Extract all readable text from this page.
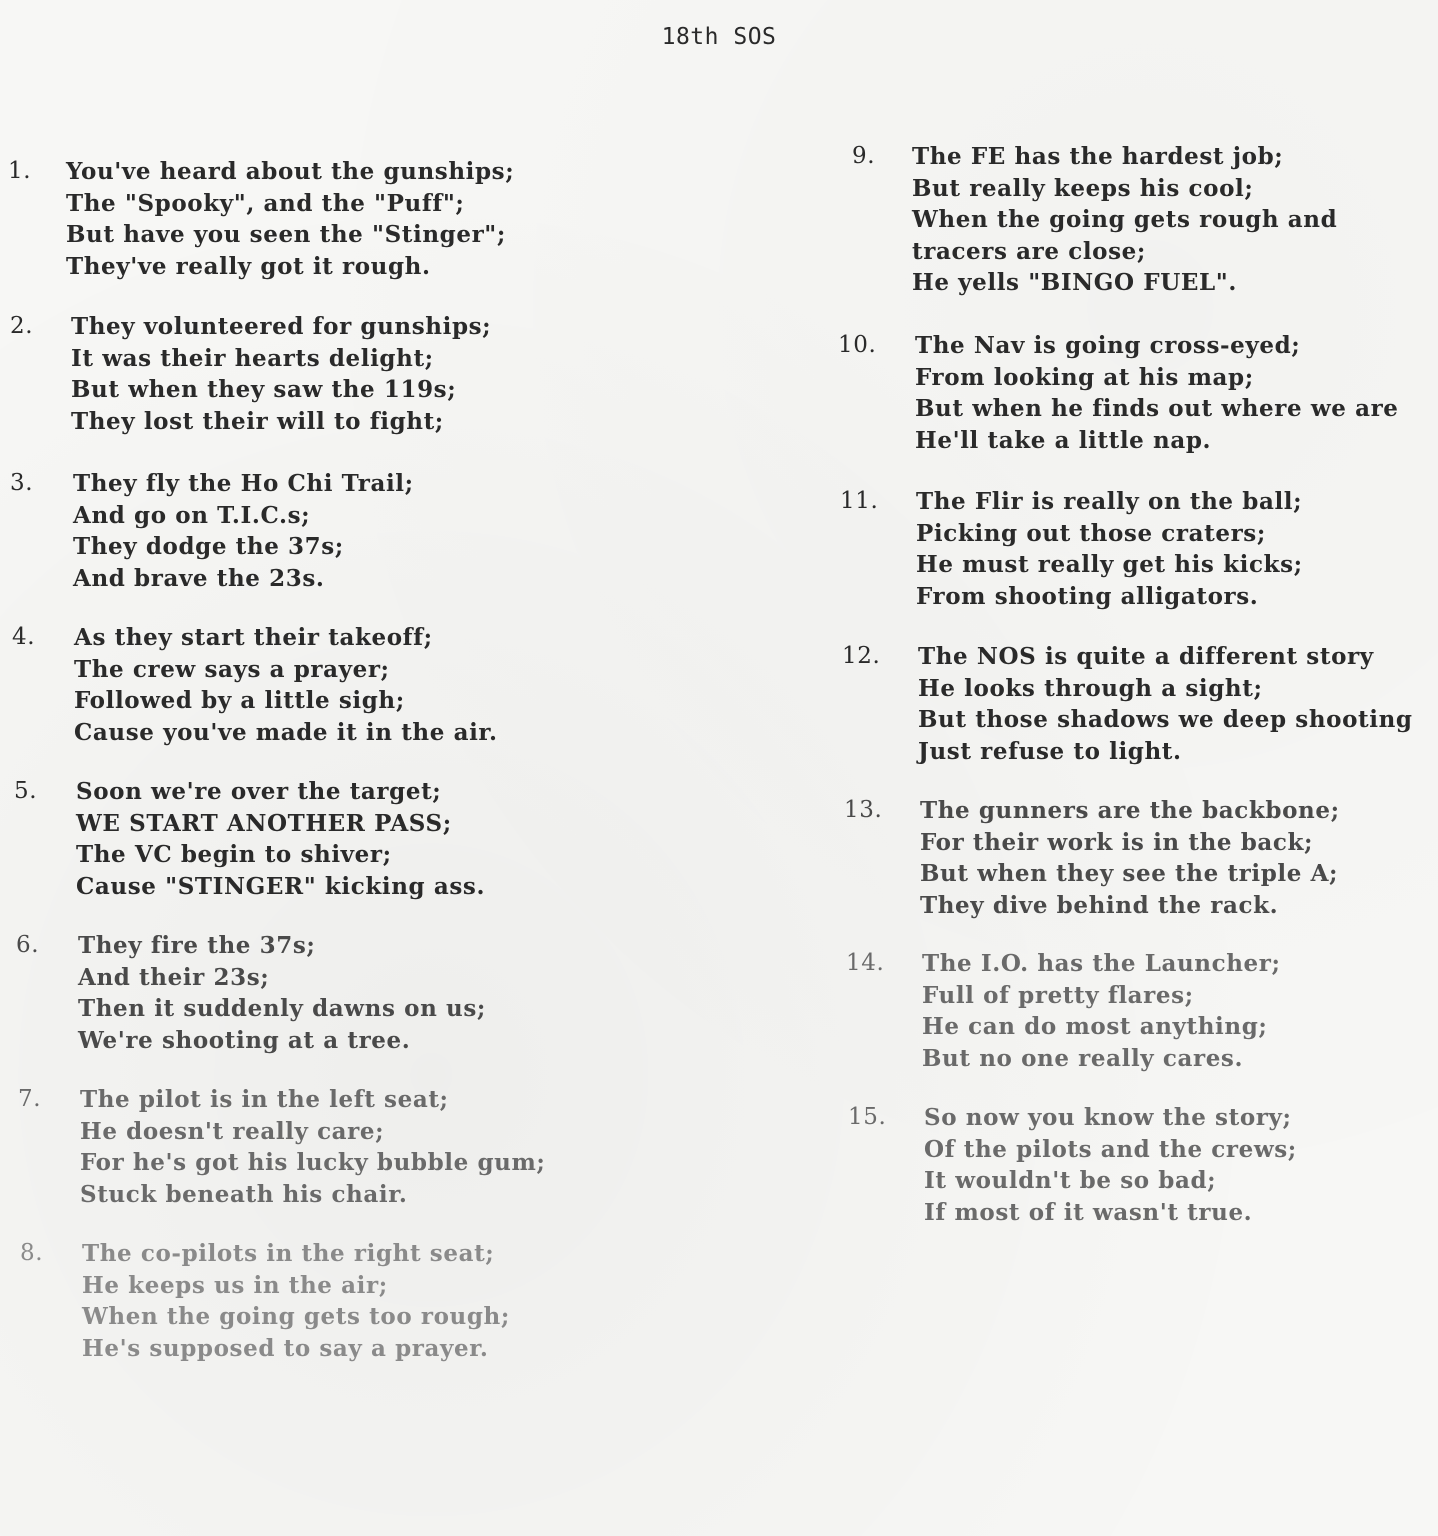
18th SOS
1. You've heard about the gunships;
The "Spooky", and the "Puff";
But have you seen the "Stinger";
They've really got it rough.
2. They volunteered for gunships;
It was their hearts delight;
But when they saw the 119s;
They lost their will to fight;
3. They fly the Ho Chi Trail;
And go on T.I.C.s;
They dodge the 37s;
And brave the 23s.
4. As they start their takeoff;
The crew says a prayer;
Followed by a little sigh;
Cause you've made it in the air.
5. Soon we're over the target;
WE START ANOTHER PASS;
The VC begin to shiver;
Cause "STINGER" kicking ass.
6. They fire the 37s;
And their 23s;
Then it suddenly dawns on us;
We're shooting at a tree.
7. The pilot is in the left seat;
He doesn't really care;
For he's got his lucky bubble gum;
Stuck beneath his chair.
8. The co-pilots in the right seat;
He keeps us in the air;
When the going gets too rough;
He's supposed to say a prayer.
9. The FE has the hardest job;
But really keeps his cool;
When the going gets rough and
tracers are close;
He yells "BINGO FUEL".
10. The Nav is going cross-eyed;
From looking at his map;
But when he finds out where we are
He'll take a little nap.
11. The Flir is really on the ball;
Picking out those craters;
He must really get his kicks;
From shooting alligators.
12. The NOS is quite a different story
He looks through a sight;
But those shadows we deep shooting
Just refuse to light.
13. The gunners are the backbone;
For their work is in the back;
But when they see the triple A;
They dive behind the rack.
14. The I.O. has the Launcher;
Full of pretty flares;
He can do most anything;
But no one really cares.
15. So now you know the story;
Of the pilots and the crews;
It wouldn't be so bad;
If most of it wasn't true.
